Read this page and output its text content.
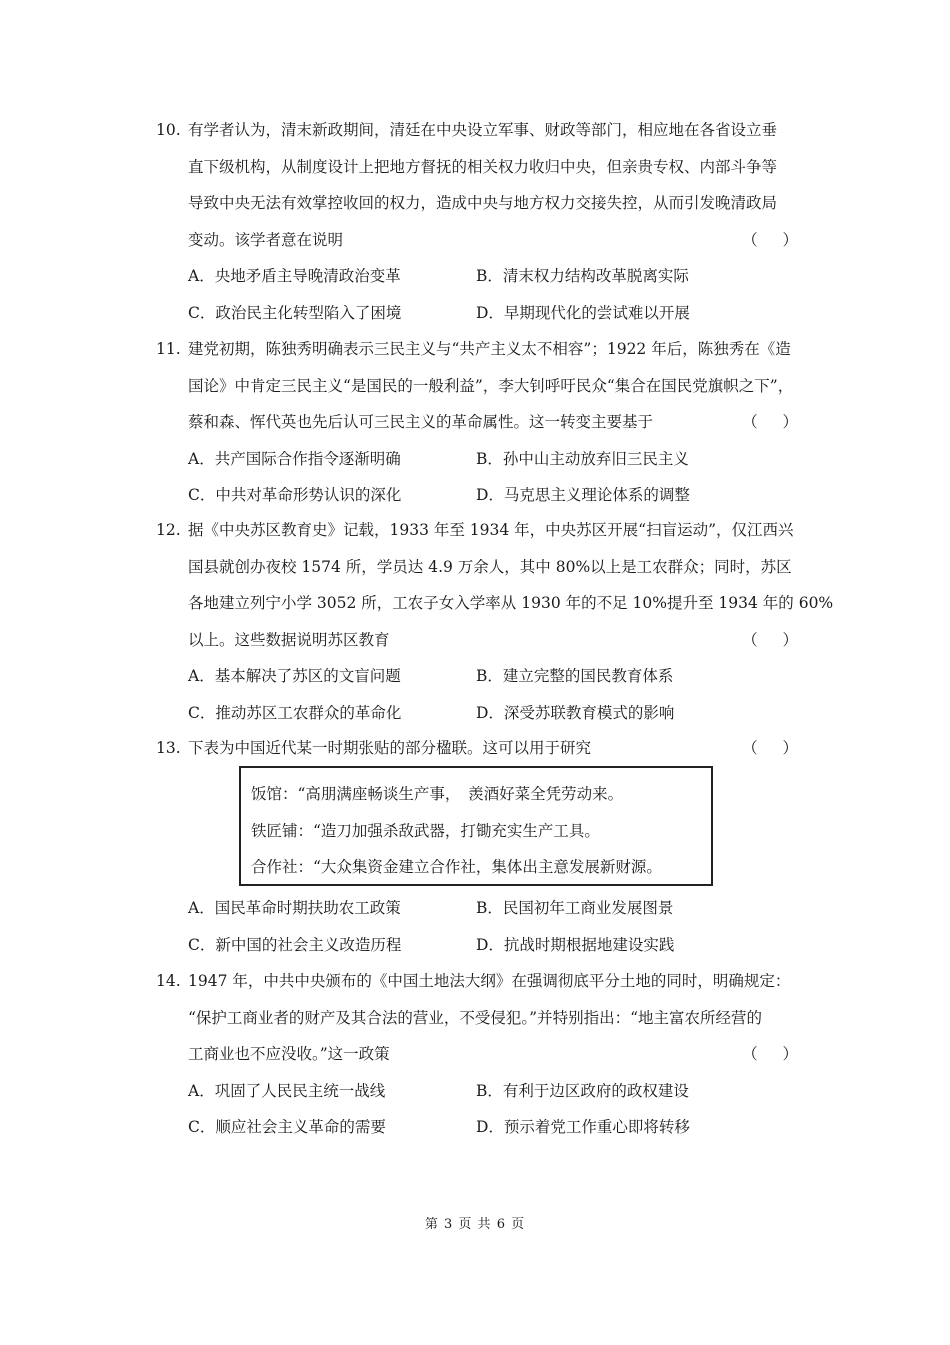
10. 有学者认为，清末新政期间，清廷在中央设立军事、财政等部门，相应地在各省设立垂
直下级机构，从制度设计上把地方督抚的相关权力收归中央，但亲贵专权、内部斗争等
导致中央无法有效掌控收回的权力，造成中央与地方权力交接失控，从而引发晚清政局
变动。该学者意在说明	（ ）
A．央地矛盾主导晚清政治变革	B．清末权力结构改革脱离实际
C．政治民主化转型陷入了困境	D．早期现代化的尝试难以开展
11. 建党初期，陈独秀明确表示三民主义与“共产主义太不相容”；1922 年后，陈独秀在《造
国论》中肯定三民主义“是国民的一般利益”，李大钊呼吁民众“集合在国民党旗帜之下”，
蔡和森、恽代英也先后认可三民主义的革命属性。这一转变主要基于	（ ）
A．共产国际合作指令逐渐明确	B．孙中山主动放弃旧三民主义
C．中共对革命形势认识的深化	D．马克思主义理论体系的调整
12. 据《中央苏区教育史》记载，1933 年至 1934 年，中央苏区开展“扫盲运动”，仅江西兴
国县就创办夜校 1574 所，学员达 4.9 万余人，其中 80%以上是工农群众；同时，苏区
各地建立列宁小学 3052 所，工农子女入学率从 1930 年的不足 10%提升至 1934 年的 60%
以上。这些数据说明苏区教育	（ ）
A．基本解决了苏区的文盲问题	B．建立完整的国民教育体系
C．推动苏区工农群众的革命化	D．深受苏联教育模式的影响
13. 下表为中国近代某一时期张贴的部分楹联。这可以用于研究	（ ）
饭馆：“高朋满座畅谈生产事，　羡酒好菜全凭劳动来。
铁匠铺：“造刀加强杀敌武器，打锄充实生产工具。
合作社：“大众集资金建立合作社，集体出主意发展新财源。
A．国民革命时期扶助农工政策	B．民国初年工商业发展图景
C．新中国的社会主义改造历程	D．抗战时期根据地建设实践
14. 1947 年，中共中央颁布的《中国土地法大纲》在强调彻底平分土地的同时，明确规定：
“保护工商业者的财产及其合法的营业，不受侵犯。”并特别指出：“地主富农所经营的
工商业也不应没收。”这一政策	（ ）
A．巩固了人民民主统一战线	B．有利于边区政府的政权建设
C．顺应社会主义革命的需要	D．预示着党工作重心即将转移
第 3 页 共 6 页
